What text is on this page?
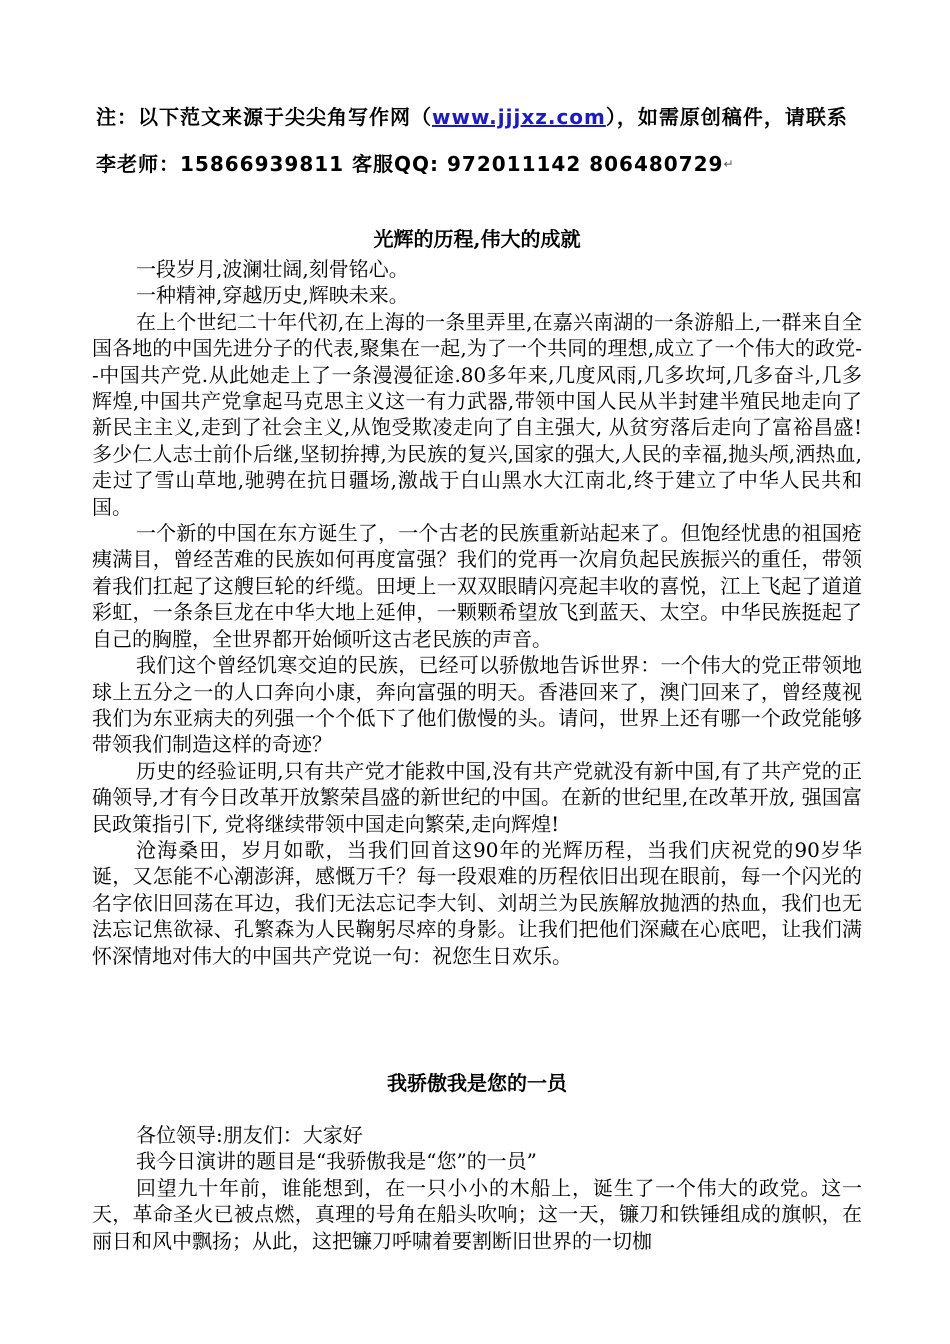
注：以下范文来源于尖尖角写作网（www.jjjxz.com），如需原创稿件，请联系
李老师：15866939811 客服QQ: 972011142 806480729↵
光辉的历程,伟大的成就

一段岁月,波澜壮阔,刻骨铭心。

一种精神,穿越历史,辉映未来。

在上个世纪二十年代初,在上海的一条里弄里,在嘉兴南湖的一条游船上,一群来自全国各地的中国先进分子的代表,聚集在一起,为了一个共同的理想,成立了一个伟大的政党--中国共产党.从此她走上了一条漫漫征途.80多年来,几度风雨,几多坎坷,几多奋斗,几多辉煌,中国共产党拿起马克思主义这一有力武器,带领中国人民从半封建半殖民地走向了新民主主义,走到了社会主义,从饱受欺凌走向了自主强大, 从贫穷落后走向了富裕昌盛! 多少仁人志士前仆后继,坚韧拚搏,为民族的复兴,国家的强大,人民的幸福,抛头颅,洒热血,走过了雪山草地,驰骋在抗日疆场,激战于白山黑水大江南北,终于建立了中华人民共和国。

一个新的中国在东方诞生了，一个古老的民族重新站起来了。但饱经忧患的祖国疮痍满目，曾经苦难的民族如何再度富强？我们的党再一次肩负起民族振兴的重任，带领着我们扛起了这艘巨轮的纤缆。田埂上一双双眼睛闪亮起丰收的喜悦，江上飞起了道道彩虹，一条条巨龙在中华大地上延伸，一颗颗希望放飞到蓝天、太空。中华民族挺起了自己的胸膛，全世界都开始倾听这古老民族的声音。

我们这个曾经饥寒交迫的民族，已经可以骄傲地告诉世界：一个伟大的党正带领地球上五分之一的人口奔向小康，奔向富强的明天。香港回来了，澳门回来了，曾经蔑视我们为东亚病夫的列强一个个低下了他们傲慢的头。请问，世界上还有哪一个政党能够带领我们制造这样的奇迹？

历史的经验证明,只有共产党才能救中国,没有共产党就没有新中国,有了共产党的正确领导,才有今日改革开放繁荣昌盛的新世纪的中国。在新的世纪里,在改革开放, 强国富民政策指引下, 党将继续带领中国走向繁荣,走向辉煌!

沧海桑田，岁月如歌，当我们回首这90年的光辉历程，当我们庆祝党的90岁华诞，又怎能不心潮澎湃，感慨万千？每一段艰难的历程依旧出现在眼前，每一个闪光的名字依旧回荡在耳边，我们无法忘记李大钊、刘胡兰为民族解放抛洒的热血，我们也无法忘记焦欲禄、孔繁森为人民鞠躬尽瘁的身影。让我们把他们深藏在心底吧，让我们满怀深情地对伟大的中国共产党说一句：祝您生日欢乐。

我骄傲我是您的一员

各位领导:朋友们：大家好

我今日演讲的题目是“我骄傲我是“您”的一员”

回望九十年前，谁能想到，在一只小小的木船上，诞生了一个伟大的政党。这一天，革命圣火已被点燃，真理的号角在船头吹响；这一天，镰刀和铁锤组成的旗帜，在丽日和风中飘扬；从此，这把镰刀呼啸着要割断旧世界的一切枷
